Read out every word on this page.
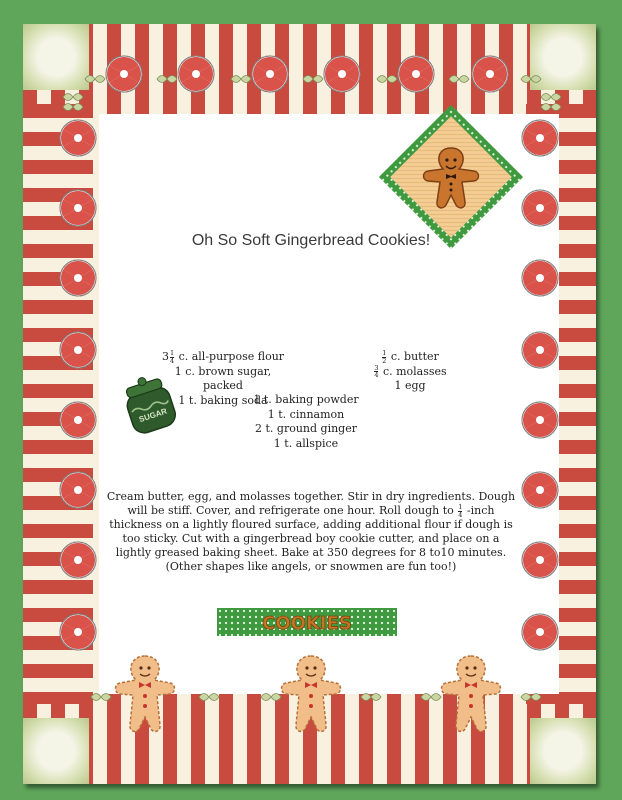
Oh So Soft Gingerbread Cookies!
$3 \frac{1}{4} c$. all-purpose flour
1 c. brown sugar, packed
1 t. baking soda
1 t. baking powder
1 t. cinnamon
2 t. ground ginger
1 t. allspice
$\frac{1}{2} c$. butter
$\frac{3}{4} c$. molasses
1 egg
Cream butter, egg, and molasses together. Stir in dry ingredients. Dough will be stiff. Cover, and refrigerate one hour. Roll dough to $\frac{1}{4}$ -inch thickness on a lightly floured surface, adding additional flour if dough is too sticky. Cut with a gingerbread boy cookie cutter, and place on a lightly greased baking sheet. Bake at 350 degrees for 8 to10 minutes.
(Other shapes like angels, or snowmen are fun too!)
SUGAR
COOKIES
